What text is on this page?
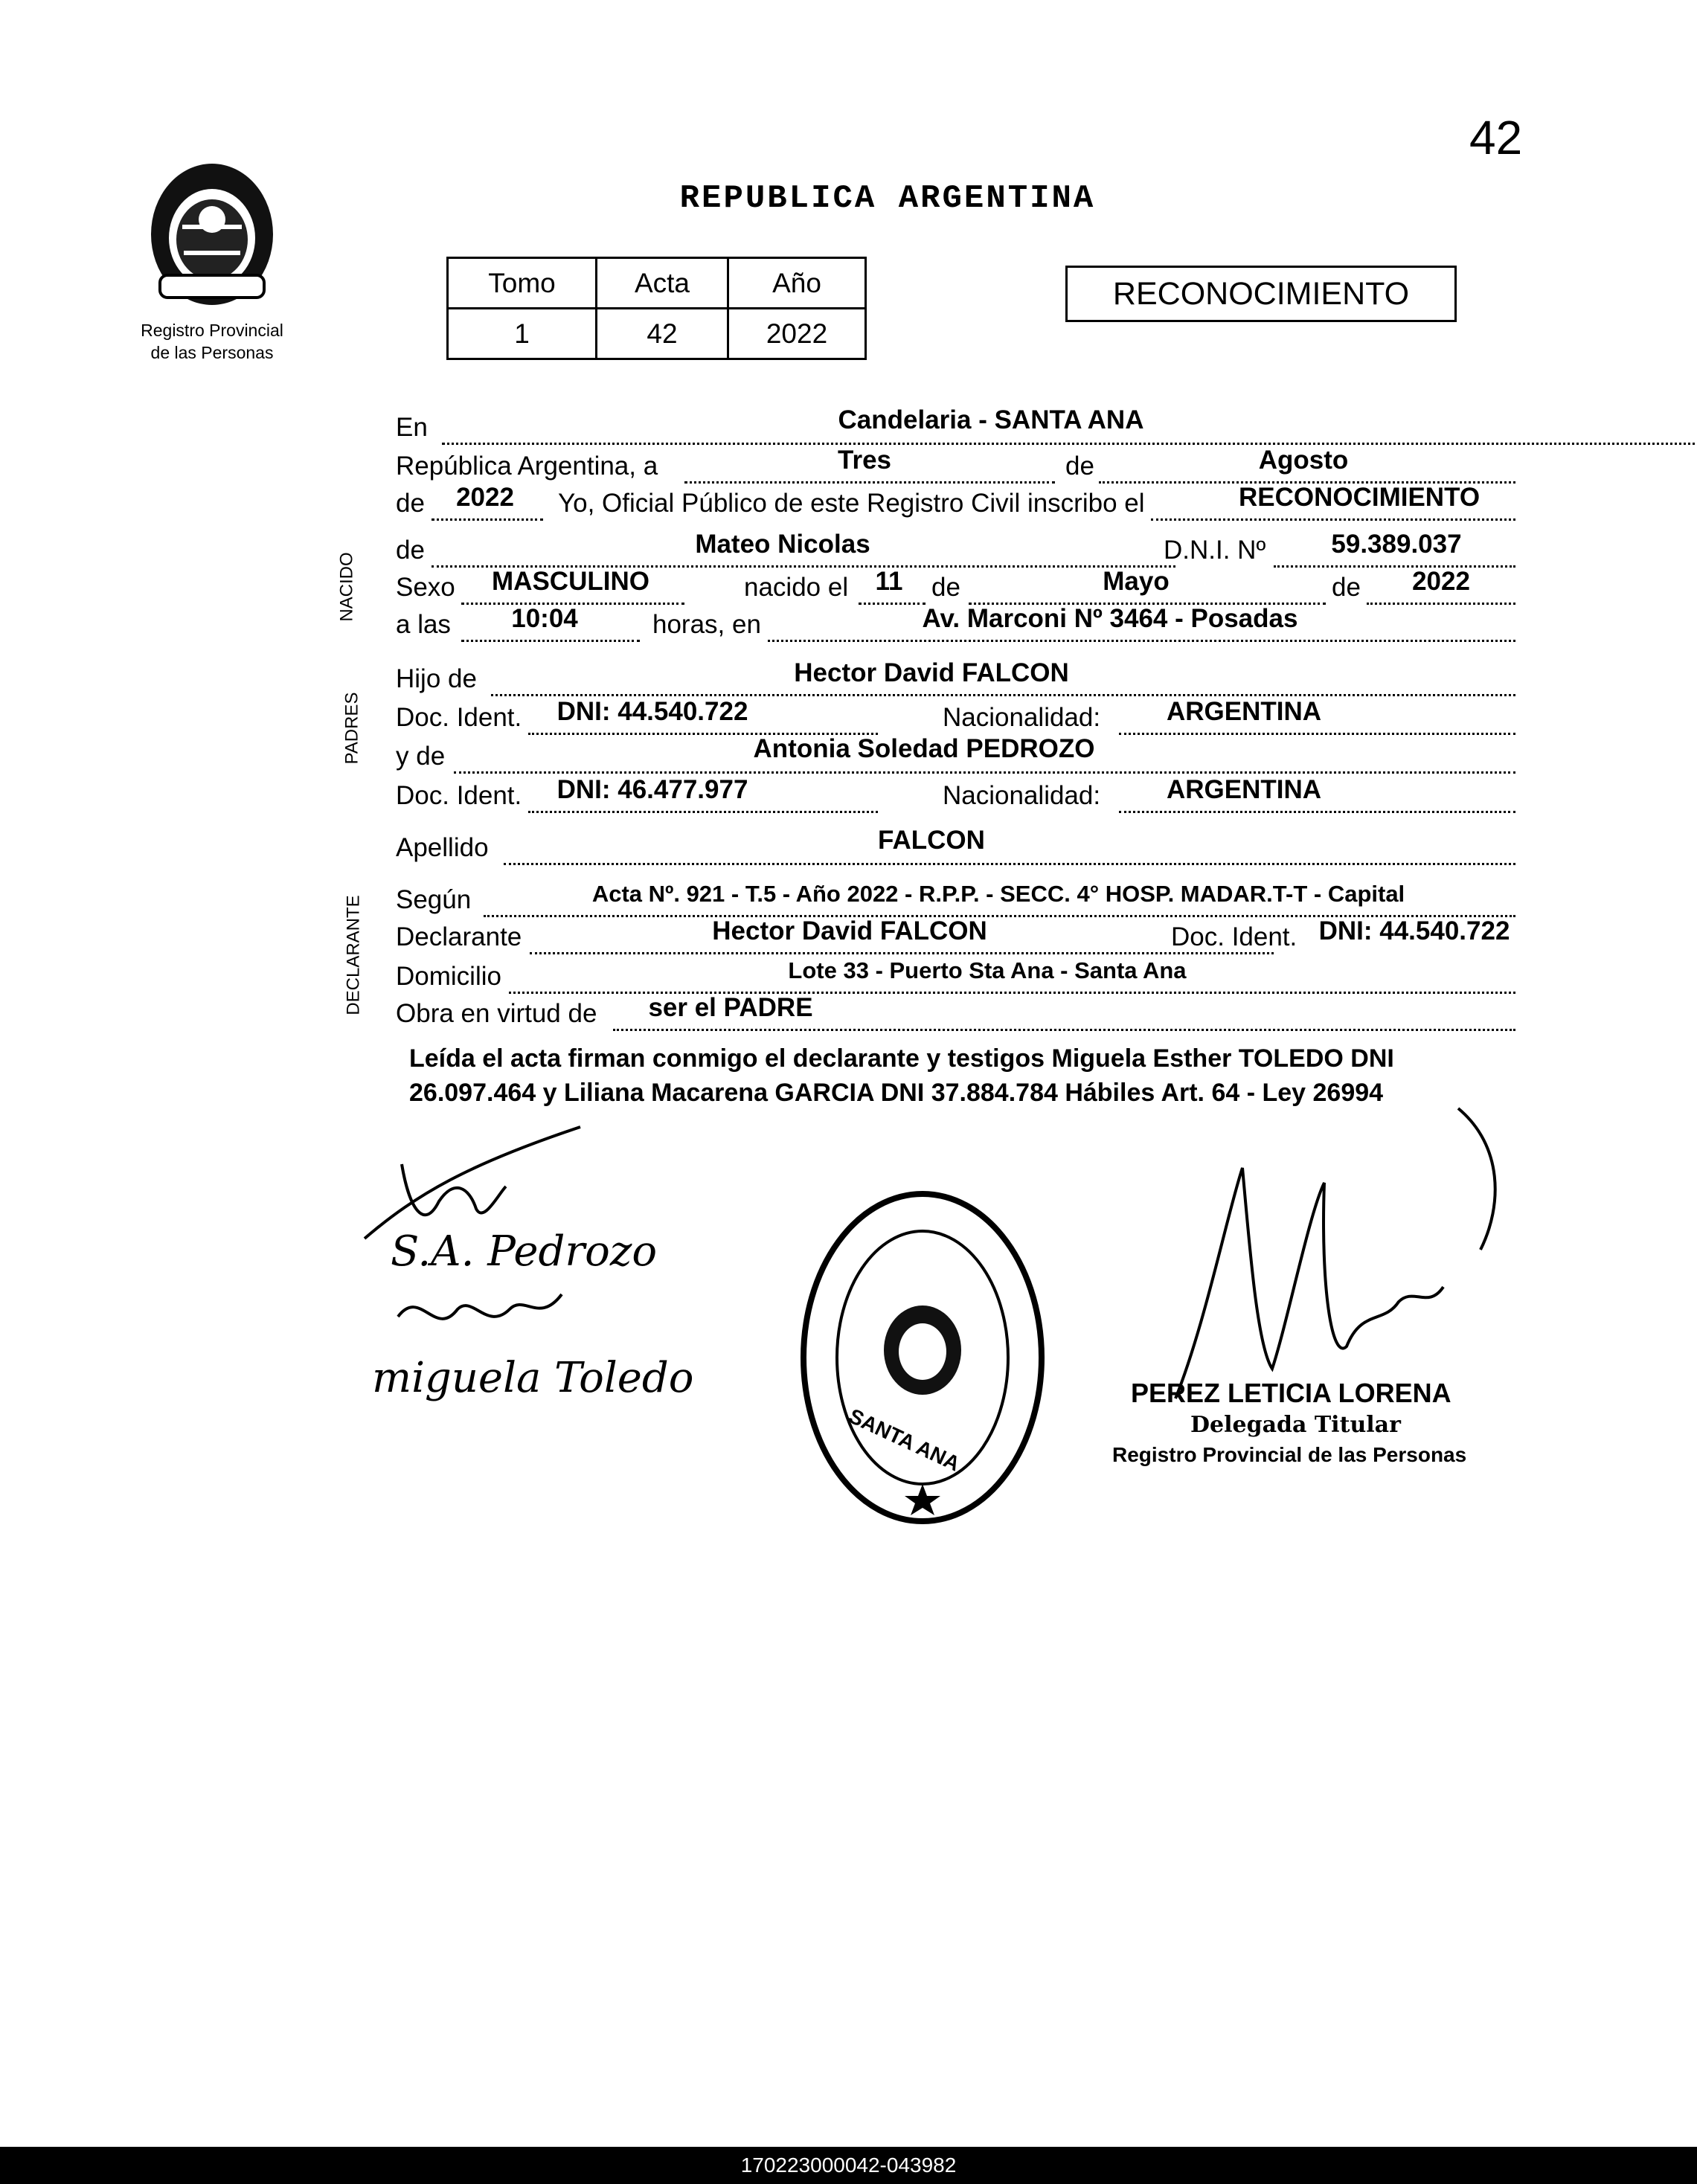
42
Registro Provincial
de las Personas
REPUBLICA ARGENTINA
Tomo	Acta	Año
1	42	2022
RECONOCIMIENTO
NACIDO
PADRES
DECLARANTE
En	Candelaria - SANTA ANA
República Argentina, a	Tres	de	Agosto
de	2022	Yo, Oficial Público de este Registro Civil inscribo el	RECONOCIMIENTO
de	Mateo Nicolas	D.N.I. Nº	59.389.037
Sexo	MASCULINO	nacido el	11	de	Mayo	de	2022
a las	10:04	horas, en	Av. Marconi Nº 3464 - Posadas
Hijo de	Hector David FALCON
Doc. Ident.	DNI: 44.540.722	Nacionalidad:	ARGENTINA
y de	Antonia Soledad PEDROZO
Doc. Ident.	DNI: 46.477.977	Nacionalidad:	ARGENTINA
Apellido	FALCON
Según	Acta Nº. 921 - T.5 - Año 2022 - R.P.P. - SECC. 4° HOSP. MADAR.T-T - Capital
Declarante	Hector David FALCON	Doc. Ident. DNI: 44.540.722
Domicilio	Lote 33 - Puerto Sta Ana - Santa Ana
Obra en virtud de ser el PADRE
Leída el acta firman conmigo el declarante y testigos Miguela Esther TOLEDO DNI 26.097.464 y Liliana Macarena GARCIA DNI 37.884.784 Hábiles Art. 64 - Ley 26994
S.A. Pedrozo
miguela Toledo
SANTA ANA
PEREZ LETICIA LORENA
Delegada Titular
Registro Provincial de las Personas
170223000042-043982
